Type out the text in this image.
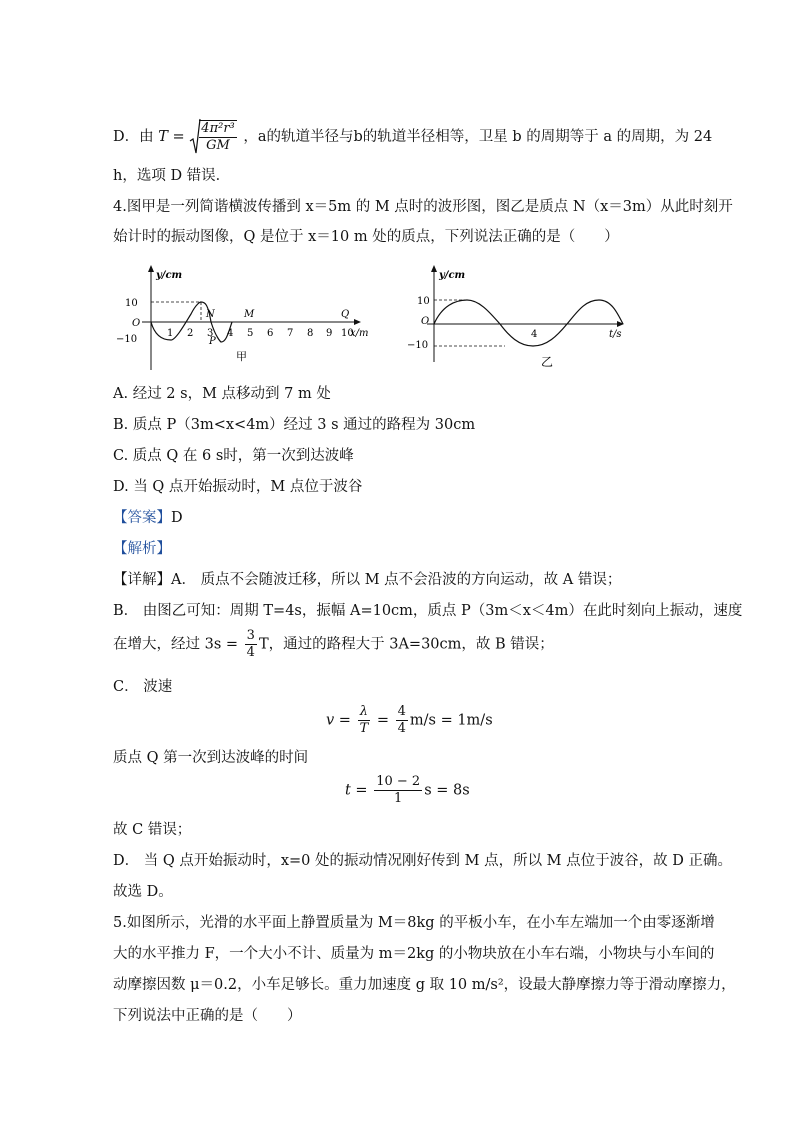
D．由 $T = \frac{\text{4π²r³}}{GM}$ ，a的轨道半径与b的轨道半径相等，卫星 b 的周期等于 a 的周期，为 24
h，选项 D 错误．
4.图甲是一列简谐横波传播到 x＝5m 的 M 点时的波形图，图乙是质点 N（x＝3m）从此时刻开
始计时的振动图像，Q 是位于 x＝10 m 处的质点，下列说法正确的是（　　）
y/cm
10
O
−10
1 2 3 4 5 6 7 8 9 10
x/m
N	M	Q
P
甲
y/cm
10
O
−10
4	t/s
乙
A. 经过 2 s，M 点移动到 7 m 处
B. 质点 P（3m<x<4m）经过 3 s 通过的路程为 30cm
C. 质点 Q 在 6 s时，第一次到达波峰
D. 当 Q 点开始振动时，M 点位于波谷
【答案】D
【解析】
【详解】A． 质点不会随波迁移，所以 M 点不会沿波的方向运动，故 A 错误；
B． 由图乙可知：周期 T=4s，振幅 A=10cm，质点 P（3m＜x＜4m）在此时刻向上振动，速度
在增大，经过 $3s = \frac{3}{4}$ T，通过的路程大于 3A=30cm，故 B 错误；
C． 波速
$v = \frac{\lambda}{T} = \frac{4}{4} m/s = 1m/s$
质点 Q 第一次到达波峰的时间
$t = \frac{10 - 2}{1}$ s = 8s
故 C 错误；
D． 当 Q 点开始振动时，x=0 处的振动情况刚好传到 M 点，所以 M 点位于波谷，故 D 正确。
故选 D。
5.如图所示，光滑的水平面上静置质量为 M＝8kg 的平板小车，在小车左端加一个由零逐渐增
大的水平推力 F，一个大小不计、质量为 m＝2kg 的小物块放在小车右端，小物块与小车间的
动摩擦因数 μ＝0.2，小车足够长。重力加速度 g 取 10 m/s²，设最大静摩擦力等于滑动摩擦力，
下列说法中正确的是（　　）
